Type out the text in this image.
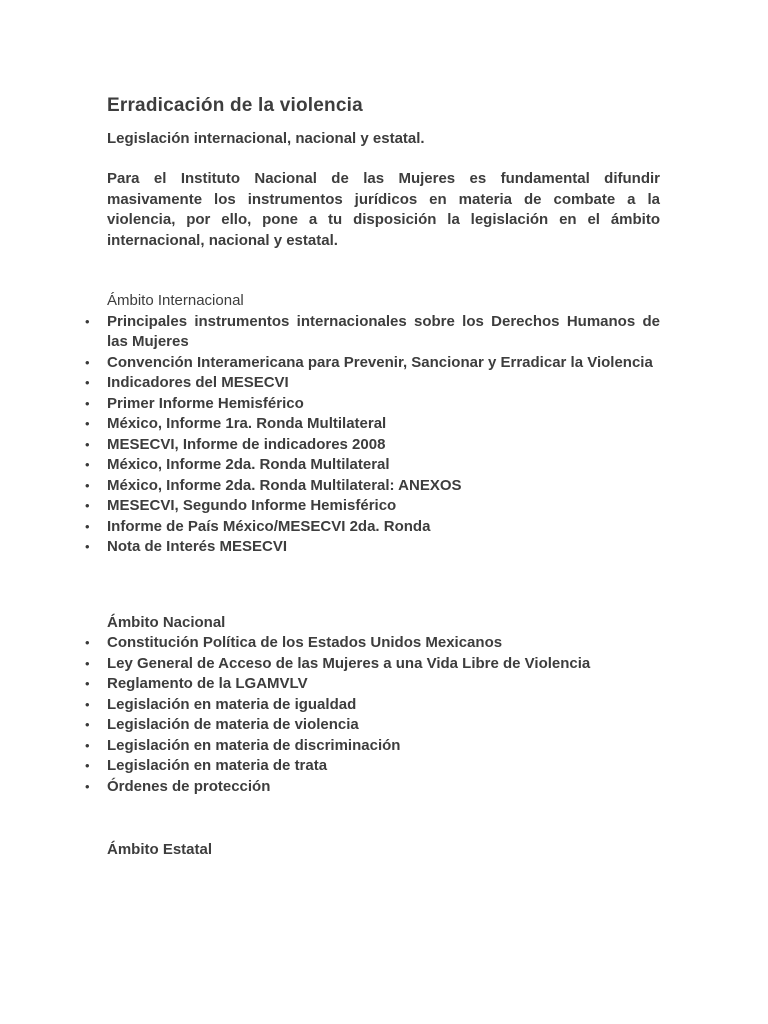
Erradicación de la violencia

Legislación internacional, nacional y estatal.

Para el Instituto Nacional de las Mujeres es fundamental difundir masivamente los instrumentos jurídicos en materia de combate a la violencia, por ello, pone a tu disposición la legislación en el ámbito internacional, nacional y estatal.

Ámbito Internacional

• Principales instrumentos internacionales sobre los Derechos Humanos de las Mujeres
• Convención Interamericana para Prevenir, Sancionar y Erradicar la Violencia
• Indicadores del MESECVI
• Primer Informe Hemisférico
• México, Informe 1ra. Ronda Multilateral
• MESECVI, Informe de indicadores 2008
• México, Informe 2da. Ronda Multilateral
• México, Informe 2da. Ronda Multilateral: ANEXOS
• MESECVI, Segundo Informe Hemisférico
• Informe de País México/MESECVI 2da. Ronda
• Nota de Interés MESECVI

Ámbito Nacional

• Constitución Política de los Estados Unidos Mexicanos
• Ley General de Acceso de las Mujeres a una Vida Libre de Violencia
• Reglamento de la LGAMVLV
• Legislación en materia de igualdad
• Legislación de materia de violencia
• Legislación en materia de discriminación
• Legislación en materia de trata
• Órdenes de protección

Ámbito Estatal
